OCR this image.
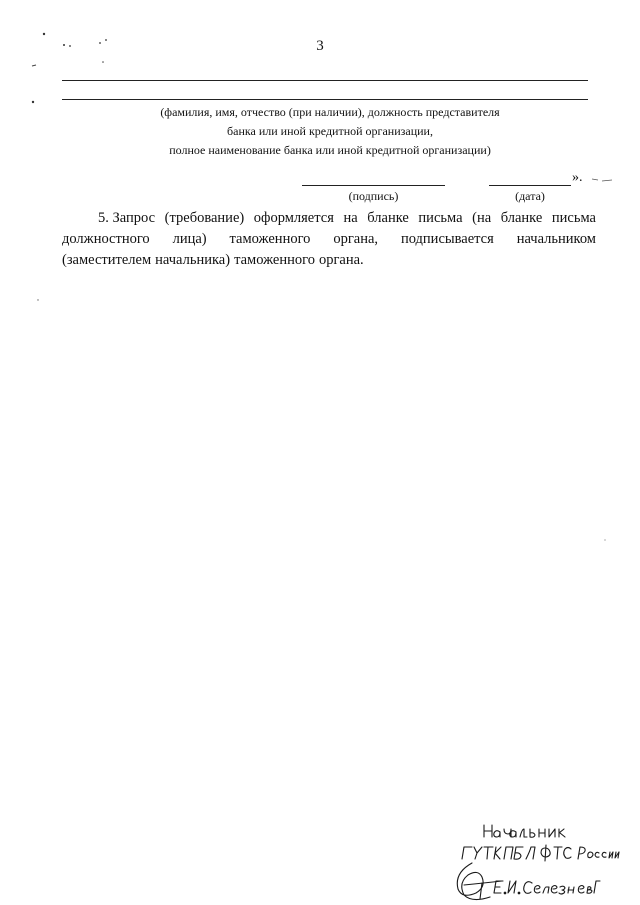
3
(фамилия, имя, отчество (при наличии), должность представителя
банка или иной кредитной организации,
полное наименование банка или иной кредитной организации)
».
(подпись)	(дата)
5. Запрос (требование) оформляется на бланке письма (на бланке письма
должностного лица) таможенного органа, подписывается начальником
(заместителем начальника) таможенного органа.
